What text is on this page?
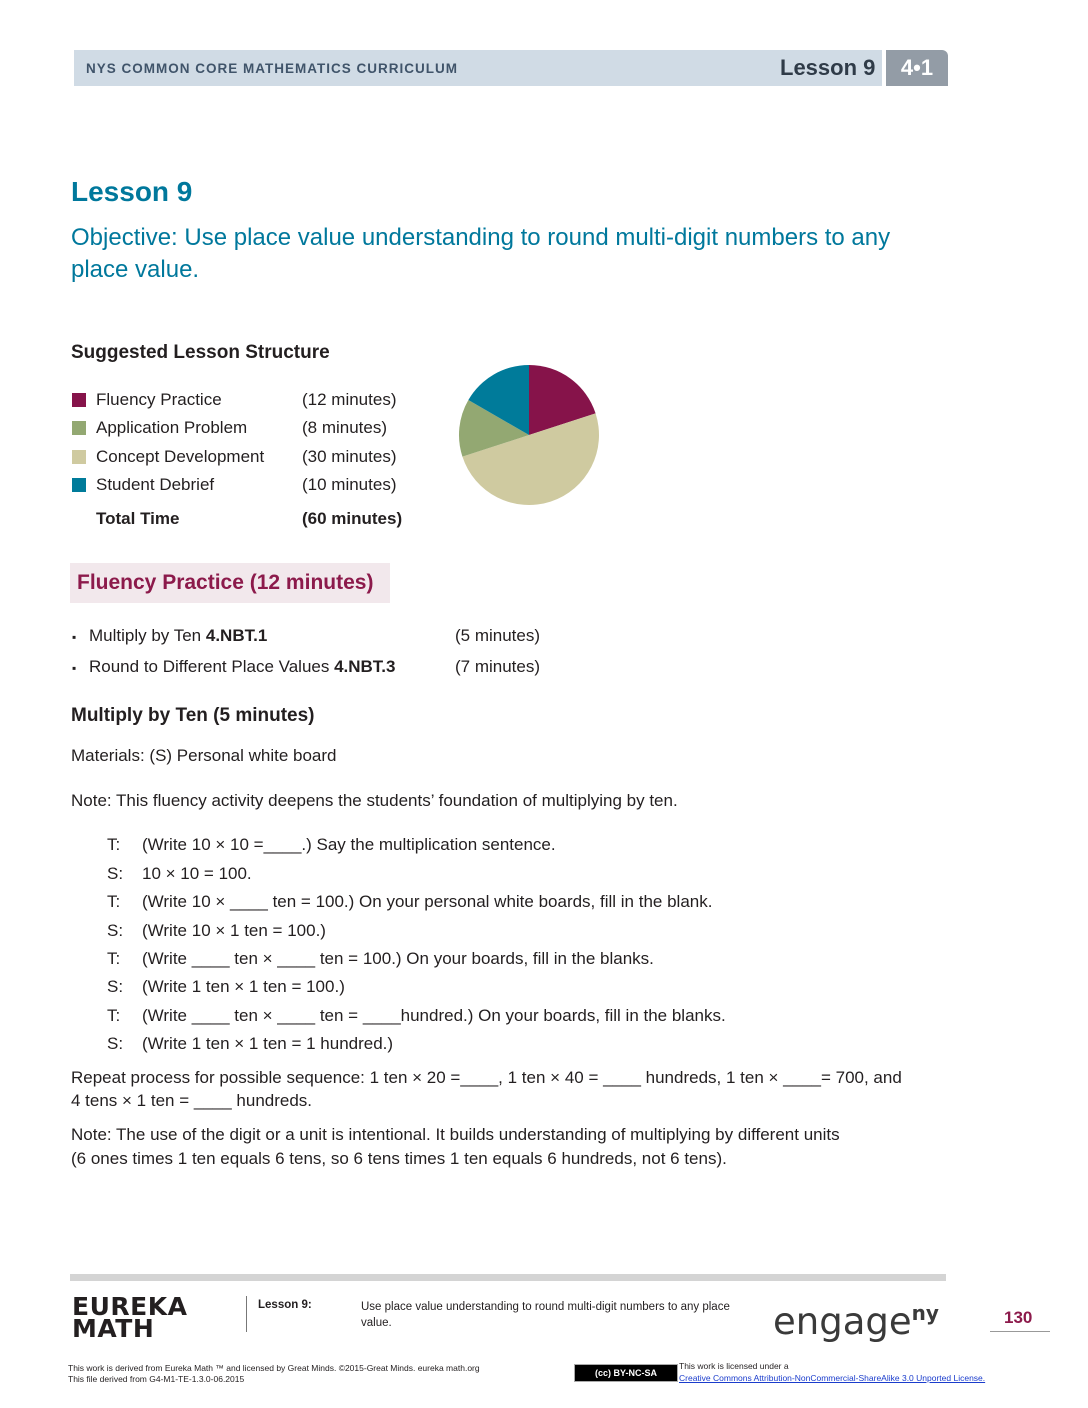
NYS COMMON CORE MATHEMATICS CURRICULUM	Lesson 9	4•1
Lesson 9
Objective: Use place value understanding to round multi-digit numbers to any place value.
Suggested Lesson Structure
Fluency Practice	(12 minutes)
Application Problem	(8 minutes)
Concept Development	(30 minutes)
Student Debrief	(10 minutes)
Total Time	(60 minutes)
Fluency Practice (12 minutes)
▪ Multiply by Ten 4.NBT.1	(5 minutes)
▪ Round to Different Place Values 4.NBT.3	(7 minutes)
Multiply by Ten (5 minutes)
Materials: (S) Personal white board
Note: This fluency activity deepens the students’ foundation of multiplying by ten.
T:	(Write 10 × 10 =____.) Say the multiplication sentence.
S:	10 × 10 = 100.
T:	(Write 10 × ____ ten = 100.) On your personal white boards, fill in the blank.
S:	(Write 10 × 1 ten = 100.)
T:	(Write ____ ten × ____ ten = 100.) On your boards, fill in the blanks.
S:	(Write 1 ten × 1 ten = 100.)
T:	(Write ____ ten × ____ ten = ____hundred.) On your boards, fill in the blanks.
S:	(Write 1 ten × 1 ten = 1 hundred.)
Repeat process for possible sequence: 1 ten × 20 =____, 1 ten × 40 = ____ hundreds, 1 ten × ____= 700, and
4 tens × 1 ten = ____ hundreds.
Note: The use of the digit or a unit is intentional. It builds understanding of multiplying by different units
(6 ones times 1 ten equals 6 tens, so 6 tens times 1 ten equals 6 hundreds, not 6 tens).
EUREKA
MATH
Lesson 9:	Use place value understanding to round multi-digit numbers to any place value.	engage$^{ny}$	130
This work is derived from Eureka Math ™ and licensed by Great Minds. ©2015-Great Minds. eureka math.org
This file derived from G4-M1-TE-1.3.0-06.2015
(cc) BY-NC-SA
This work is licensed under a
Creative Commons Attribution-NonCommercial-ShareAlike 3.0 Unported License.
